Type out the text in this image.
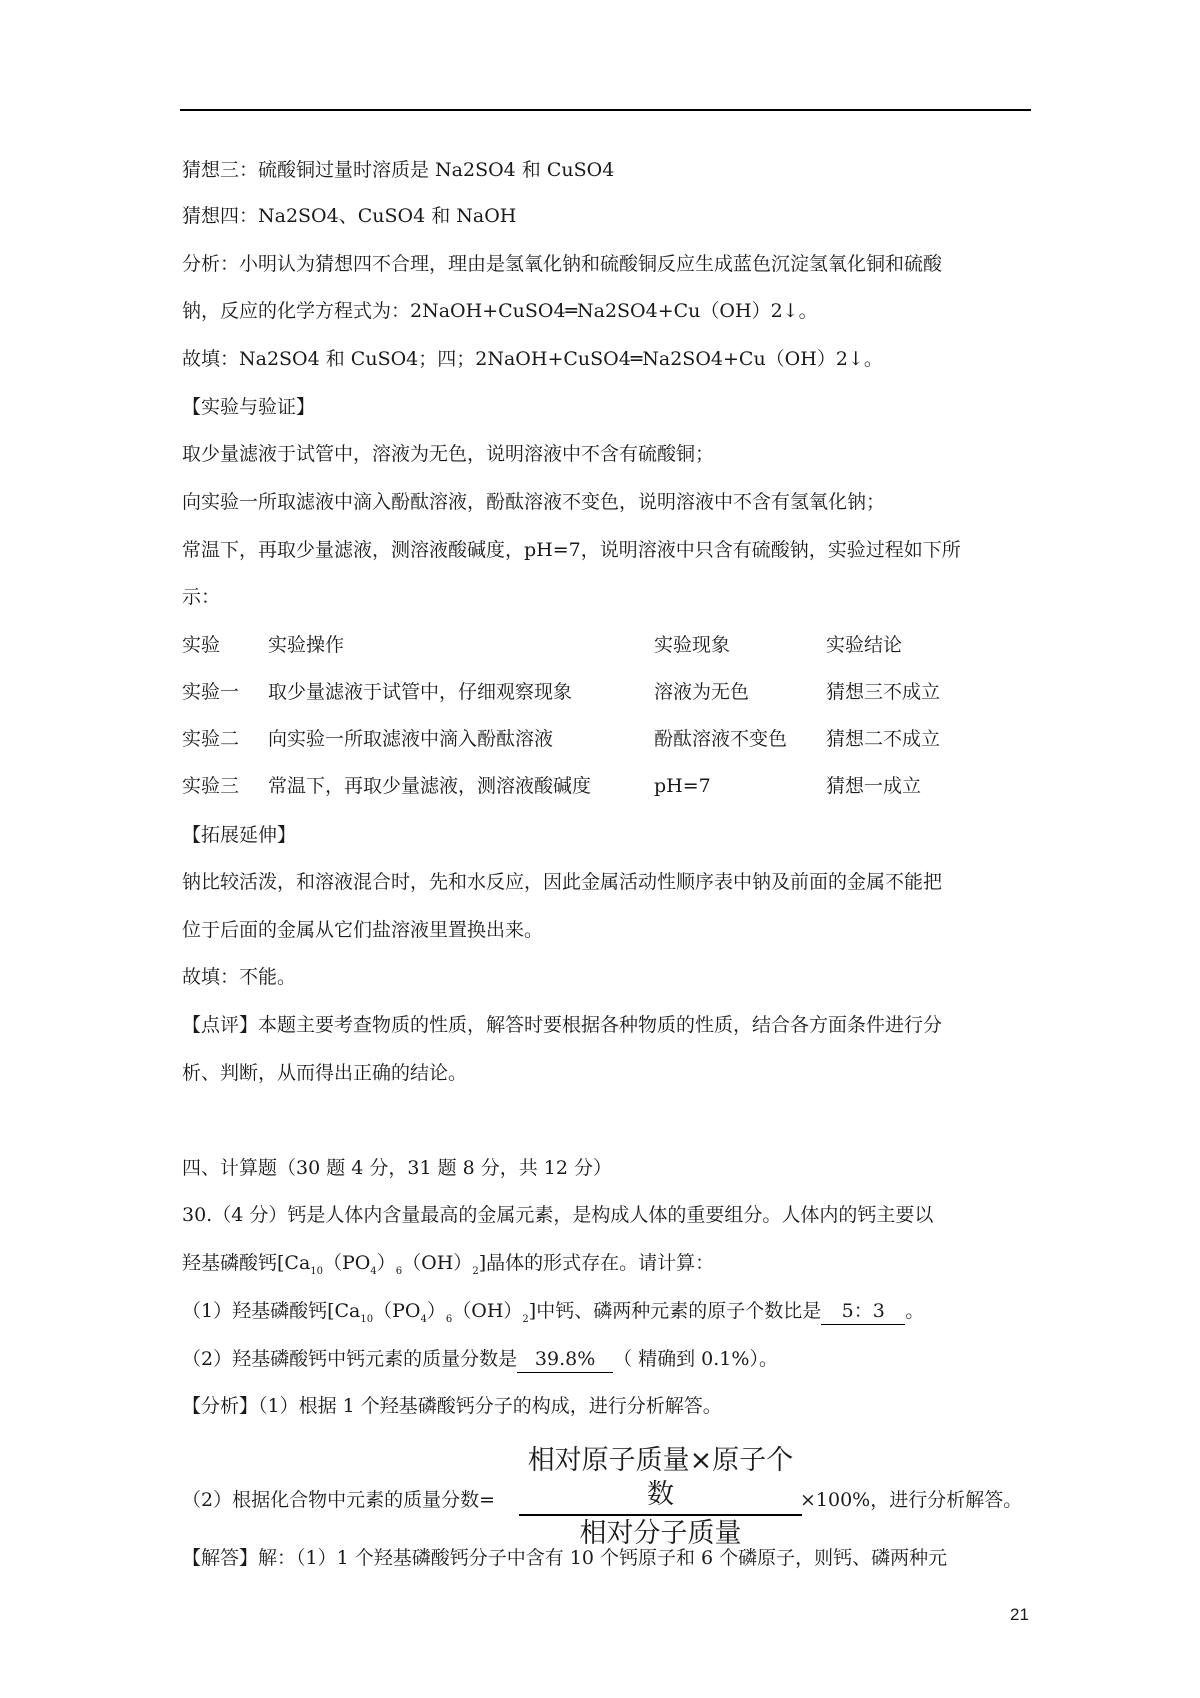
猜想三：硫酸铜过量时溶质是 Na2SO4 和 CuSO4
猜想四：Na2SO4、CuSO4 和 NaOH
分析：小明认为猜想四不合理，理由是氢氧化钠和硫酸铜反应生成蓝色沉淀氢氧化铜和硫酸
钠，反应的化学方程式为：2NaOH+CuSO4═Na2SO4+Cu（OH）2↓。
故填：Na2SO4 和 CuSO4；四；2NaOH+CuSO4═Na2SO4+Cu（OH）2↓。
【实验与验证】
取少量滤液于试管中，溶液为无色，说明溶液中不含有硫酸铜；
向实验一所取滤液中滴入酚酞溶液，酚酞溶液不变色，说明溶液中不含有氢氧化钠；
常温下，再取少量滤液，测溶液酸碱度，pH=7，说明溶液中只含有硫酸钠，实验过程如下所
示：
实验	实验操作	实验现象	实验结论
实验一	取少量滤液于试管中，仔细观察现象	溶液为无色	猜想三不成立
实验二	向实验一所取滤液中滴入酚酞溶液	酚酞溶液不变色	猜想二不成立
实验三	常温下，再取少量滤液，测溶液酸碱度	pH=7	猜想一成立
【拓展延伸】
钠比较活泼，和溶液混合时，先和水反应，因此金属活动性顺序表中钠及前面的金属不能把
位于后面的金属从它们盐溶液里置换出来。
故填：不能。
【点评】本题主要考查物质的性质，解答时要根据各种物质的性质，结合各方面条件进行分
析、判断，从而得出正确的结论。
四、计算题（30 题 4 分，31 题 8 分，共 12 分）
30.（4 分）钙是人体内含量最高的金属元素，是构成人体的重要组分。人体内的钙主要以
羟基磷酸钙$[Ca_{10}(PO_4)_6(OH)_2]$晶体的形式存在。请计算：
（1）羟基磷酸钙$[Ca_{10}(PO_4)_6(OH)_2]$中钙、磷两种元素的原子个数比是 5：3 。
（2）羟基磷酸钙中钙元素的质量分数是 39.8% （ 精确到 0.1%）。
【分析】（1）根据 1 个羟基磷酸钙分子的构成，进行分析解答。
相对原子质量×原子个数
相对分子质量
（2）根据化合物中元素的质量分数=	×100%，进行分析解答。
【解答】解：（1）1 个羟基磷酸钙分子中含有 10 个钙原子和 6 个磷原子，则钙、磷两种元
21
